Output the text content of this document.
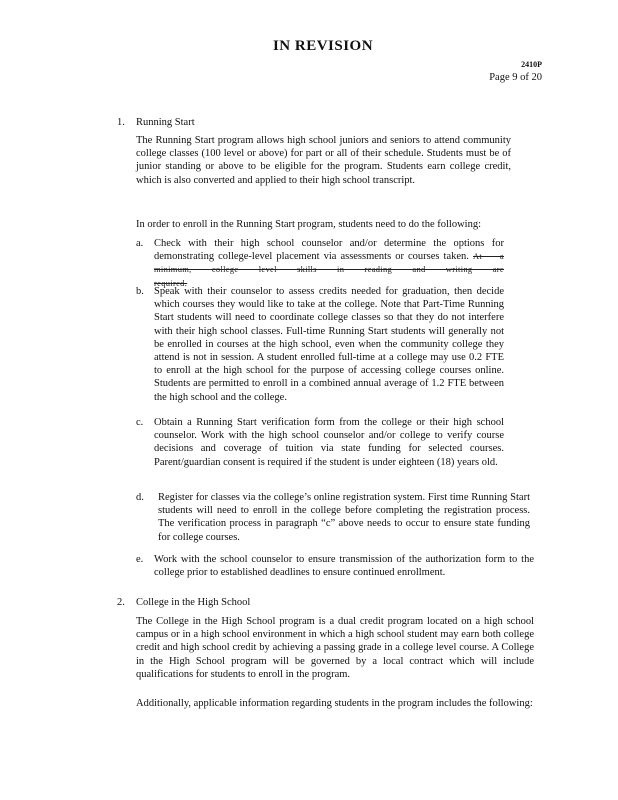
IN REVISION
2410P
Page 9 of 20
1. Running Start
The Running Start program allows high school juniors and seniors to attend community college classes (100 level or above) for part or all of their schedule. Students must be of junior standing or above to be eligible for the program. Students earn college credit, which is also converted and applied to their high school transcript.
In order to enroll in the Running Start program, students need to do the following:
a. Check with their high school counselor and/or determine the options for demonstrating college-level placement via assessments or courses taken. At a minimum, college level skills in reading and writing are required.
b. Speak with their counselor to assess credits needed for graduation, then decide which courses they would like to take at the college. Note that Part-Time Running Start students will need to coordinate college classes so that they do not interfere with their high school classes. Full-time Running Start students will generally not be enrolled in courses at the high school, even when the community college they attend is not in session. A student enrolled full-time at a college may use 0.2 FTE to enroll at the high school for the purpose of accessing college courses online. Students are permitted to enroll in a combined annual average of 1.2 FTE between the high school and the college.
c. Obtain a Running Start verification form from the college or their high school counselor. Work with the high school counselor and/or college to verify course decisions and coverage of tuition via state funding for selected courses. Parent/guardian consent is required if the student is under eighteen (18) years old.
d. Register for classes via the college’s online registration system. First time Running Start students will need to enroll in the college before completing the registration process. The verification process in paragraph “c” above needs to occur to ensure state funding for college courses.
e. Work with the school counselor to ensure transmission of the authorization form to the college prior to established deadlines to ensure continued enrollment.
2. College in the High School
The College in the High School program is a dual credit program located on a high school campus or in a high school environment in which a high school student may earn both college credit and high school credit by achieving a passing grade in a college level course. A College in the High School program will be governed by a local contract which will include qualifications for students to enroll in the program.
Additionally, applicable information regarding students in the program includes the following:
